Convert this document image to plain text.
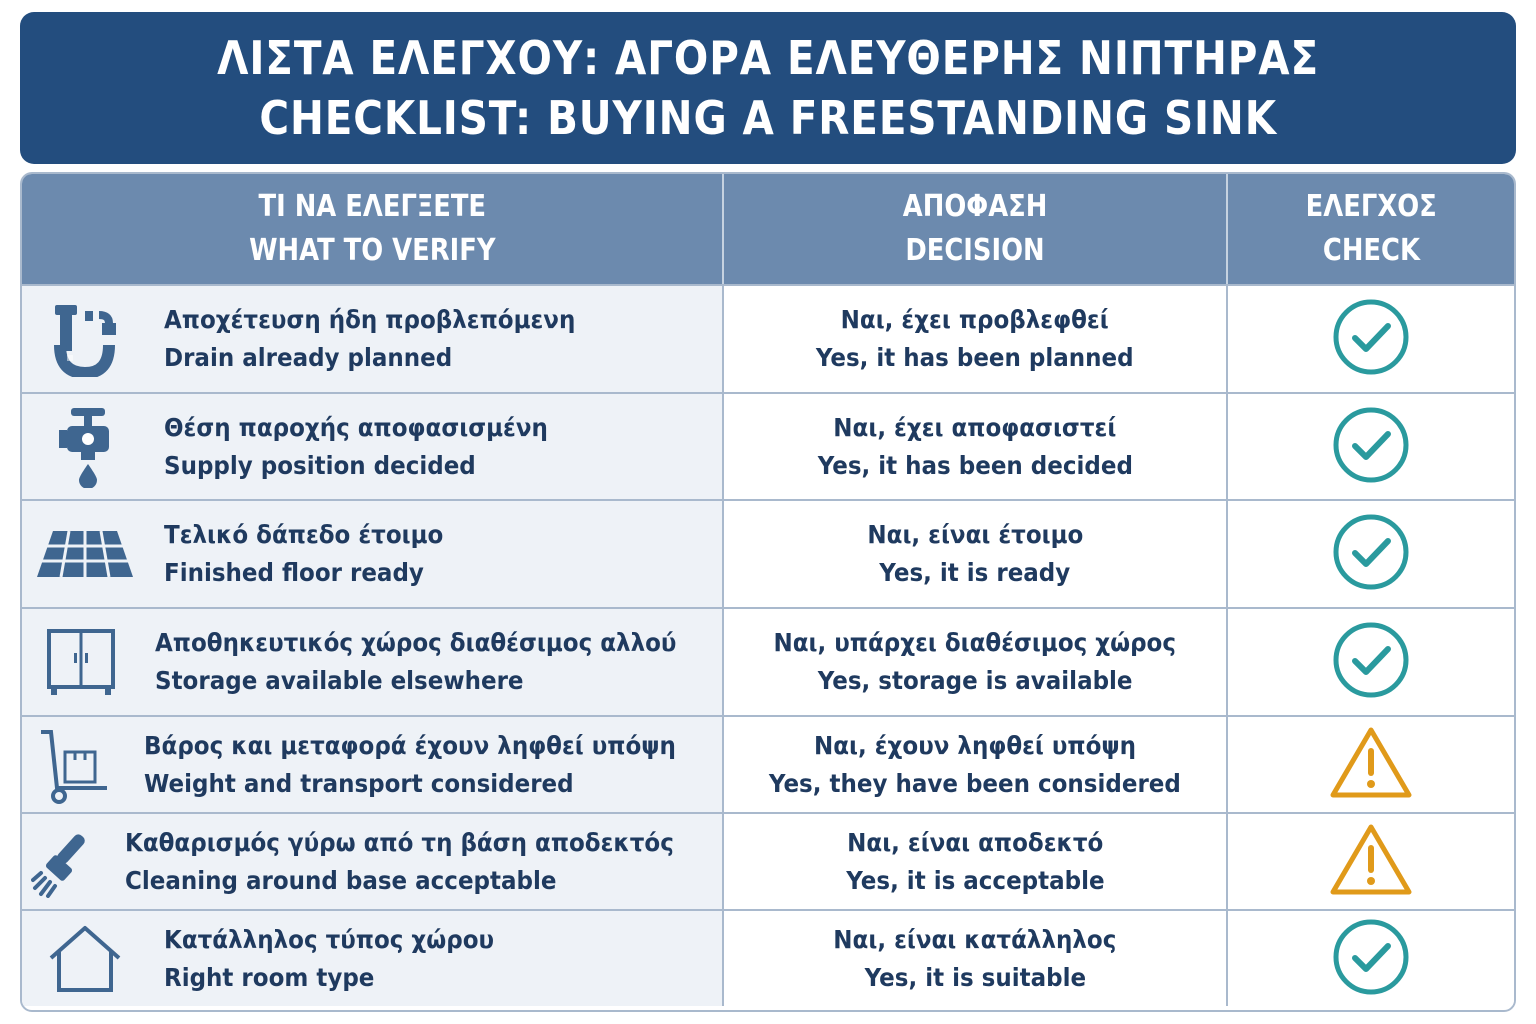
ΛΙΣΤΑ ΕΛΕΓΧΟΥ: ΑΓΟΡΑ ΕΛΕΥΘΕΡΗΣ ΝΙΠΤΗΡΑΣ
CHECKLIST: BUYING A FREESTANDING SINK
ΤΙ ΝΑ ΕΛΕΓΞΕΤΕ
WHAT TO VERIFY
ΑΠΟΦΑΣΗ
DECISION
ΕΛΕΓΧΟΣ
CHECK
Αποχέτευση ήδη προβλεπόμενη
Drain already planned
Ναι, έχει προβλεφθεί
Yes, it has been planned
Θέση παροχής αποφασισμένη
Supply position decided
Ναι, έχει αποφασιστεί
Yes, it has been decided
Τελικό δάπεδο έτοιμο
Finished floor ready
Ναι, είναι έτοιμο
Yes, it is ready
Αποθηκευτικός χώρος διαθέσιμος αλλού
Storage available elsewhere
Ναι, υπάρχει διαθέσιμος χώρος
Yes, storage is available
Βάρος και μεταφορά έχουν ληφθεί υπόψη
Weight and transport considered
Ναι, έχουν ληφθεί υπόψη
Yes, they have been considered
Καθαρισμός γύρω από τη βάση αποδεκτός
Cleaning around base acceptable
Ναι, είναι αποδεκτό
Yes, it is acceptable
Κατάλληλος τύπος χώρου
Right room type
Ναι, είναι κατάλληλος
Yes, it is suitable
